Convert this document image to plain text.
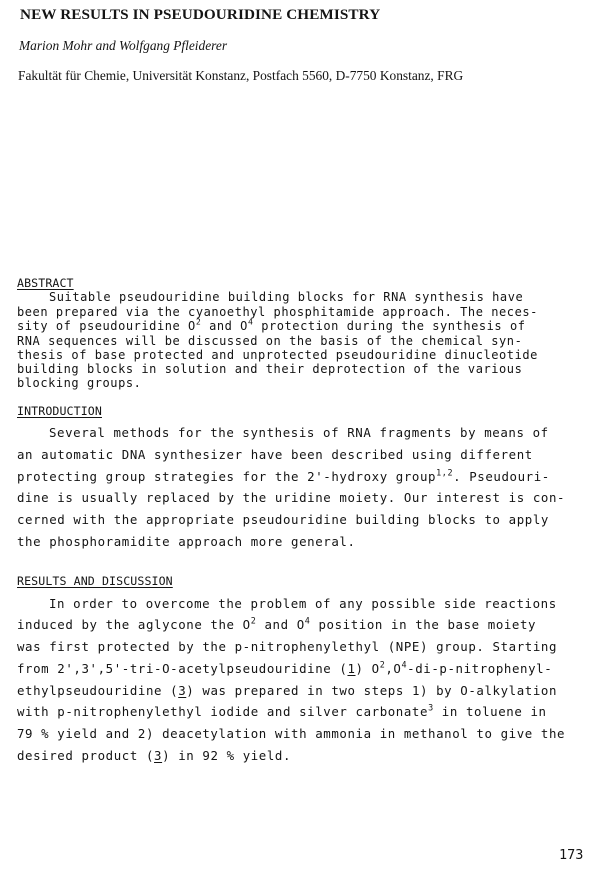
NEW RESULTS IN PSEUDOURIDINE CHEMISTRY
Marion Mohr and Wolfgang Pfleiderer
Fakultät für Chemie, Universität Konstanz, Postfach 5560, D-7750 Konstanz, FRG
ABSTRACT
Suitable pseudouridine building blocks for RNA synthesis have
been prepared via the cyanoethyl phosphitamide approach. The neces-
sity of pseudouridine $O^2$ and $O^4$ protection during the synthesis of
RNA sequences will be discussed on the basis of the chemical syn-
thesis of base protected and unprotected pseudouridine dinucleotide
building blocks in solution and their deprotection of the various
blocking groups.
INTRODUCTION
Several methods for the synthesis of RNA fragments by means of
an automatic DNA synthesizer have been described using different
protecting group strategies for the 2'-hydroxy group$^{1,2}$. Pseudouri-
dine is usually replaced by the uridine moiety. Our interest is con-
cerned with the appropriate pseudouridine building blocks to apply
the phosphoramidite approach more general.
RESULTS AND DISCUSSION
In order to overcome the problem of any possible side reactions
induced by the aglycone the $O^2$ and $O^4$ position in the base moiety
was first protected by the p-nitrophenylethyl (NPE) group. Starting
from 2',3',5'-tri-O-acetylpseudouridine (1) $O^2,O^4-di-p-nitrophenyl-$
ethylpseudouridine (3) was prepared in two steps 1) by O-alkylation
with p-nitrophenylethyl iodide and silver carbonate$^3$ in toluene in
79 % yield and 2) deacetylation with ammonia in methanol to give the
desired product (3) in 92 % yield.
173
